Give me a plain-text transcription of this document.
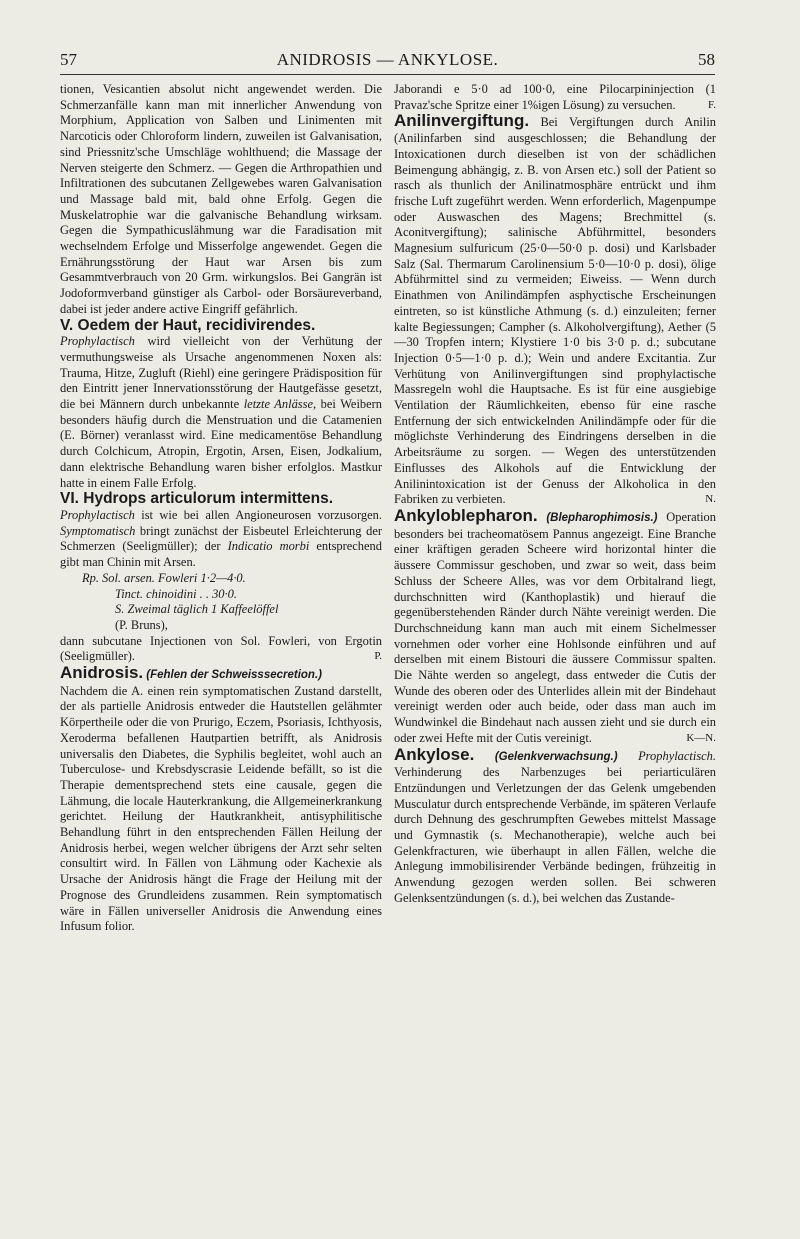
57	ANIDROSIS — ANKYLOSE.	58

tionen, Vesicantien absolut nicht angewendet werden. Die Schmerzanfälle kann man mit innerlicher Anwendung von Morphium, Application von Salben und Linimenten mit Narcoticis oder Chloroform lindern, zuweilen ist Galvanisation, sind Priessnitz'sche Umschläge wohlthuend; die Massage der Nerven steigerte den Schmerz. — Gegen die Arthropathien und Infiltrationen des subcutanen Zellgewebes waren Galvanisation und Massage bald mit, bald ohne Erfolg. Gegen die Muskelatrophie war die galvanische Behandlung wirksam. Gegen die Sympathicuslähmung war die Faradisation mit wechselndem Erfolge und Misserfolge angewendet. Gegen die Ernährungsstörung der Haut war Arsen bis zum Gesammtverbrauch von 20 Grm. wirkungslos. Bei Gangrän ist Jodoformverband günstiger als Carbol- oder Borsäureverband, dabei ist jeder andere active Eingriff gefährlich.

V. Oedem der Haut, recidivirendes.

Prophylactisch wird vielleicht von der Verhütung der vermuthungsweise als Ursache angenommenen Noxen als: Trauma, Hitze, Zugluft (Riehl) eine geringere Prädisposition für den Eintritt jener Innervationsstörung der Hautgefässe gesetzt, die bei Männern durch unbekannte letzte Anlässe, bei Weibern besonders häufig durch die Menstruation und die Catamenien (E. Börner) veranlasst wird. Eine medicamentöse Behandlung durch Colchicum, Atropin, Ergotin, Arsen, Eisen, Jodkalium, dann elektrische Behandlung waren bisher erfolglos. Mastkur hatte in einem Falle Erfolg.

VI. Hydrops articulorum intermittens.

Prophylactisch ist wie bei allen Angioneurosen vorzusorgen. Symptomatisch bringt zunächst der Eisbeutel Erleichterung der Schmerzen (Seeligmüller); der Indicatio morbi entsprechend gibt man Chinin mit Arsen.

Rp. Sol. arsen. Fowleri 1·2—4·0.

Tinct. chinoidini . . 30·0.

S. Zweimal täglich 1 Kaffeelöffel

(P. Bruns),

dann subcutane Injectionen von Sol. Fowleri, von Ergotin (Seeligmüller).	P.

Anidrosis. (Fehlen der Schweisssecretion.)

Nachdem die A. einen rein symptomatischen Zustand darstellt, der als partielle Anidrosis entweder die Hautstellen gelähmter Körpertheile oder die von Prurigo, Eczem, Psoriasis, Ichthyosis, Xeroderma befallenen Hautpartien betrifft, als Anidrosis universalis den Diabetes, die Syphilis begleitet, wohl auch an Tuberculose- und Krebsdyscrasie Leidende befällt, so ist die Therapie dementsprechend stets eine causale, gegen die Lähmung, die locale Hauterkrankung, die Allgemeinerkrankung gerichtet. Heilung der Hautkrankheit, antisyphilitische Behandlung führt in den entsprechenden Fällen Heilung der Anidrosis herbei, wegen welcher übrigens der Arzt sehr selten consultirt wird. In Fällen von Lähmung oder Kachexie als Ursache der Anidrosis hängt die Frage der Heilung mit der Prognose des Grundleidens zusammen. Rein symptomatisch wäre in Fällen universeller Anidrosis die Anwendung eines Infusum folior.

Jaborandi e 5·0 ad 100·0, eine Pilocarpininjection (1 Pravaz'sche Spritze einer 1%igen Lösung) zu versuchen.	F.

Anilinvergiftung. Bei Vergiftungen durch Anilin (Anilinfarben sind ausgeschlossen; die Behandlung der Intoxicationen durch dieselben ist von der schädlichen Beimengung abhängig, z. B. von Arsen etc.) soll der Patient so rasch als thunlich der Anilinatmosphäre entrückt und ihm frische Luft zugeführt werden. Wenn erforderlich, Magenpumpe oder Auswaschen des Magens; Brechmittel (s. Aconitvergiftung); salinische Abführmittel, besonders Magnesium sulfuricum (25·0—50·0 p. dosi) und Karlsbader Salz (Sal. Thermarum Carolinensium 5·0—10·0 p. dosi), ölige Abführmittel sind zu vermeiden; Eiweiss. — Wenn durch Einathmen von Anilindämpfen asphyctische Erscheinungen eintreten, so ist künstliche Athmung (s. d.) einzuleiten; ferner kalte Begiessungen; Campher (s. Alkoholvergiftung), Aether (5—30 Tropfen intern; Klystiere 1·0 bis 3·0 p. d.; subcutane Injection 0·5—1·0 p. d.); Wein und andere Excitantia. Zur Verhütung von Anilinvergiftungen sind prophylactische Massregeln wohl die Hauptsache. Es ist für eine ausgiebige Ventilation der Räumlichkeiten, ebenso für eine rasche Entfernung der sich entwickelnden Anilindämpfe oder für die möglichste Verhinderung des Eindringens derselben in die Arbeitsräume zu sorgen. — Wegen des unterstützenden Einflusses des Alkohols auf die Entwicklung der Anilinintoxication ist der Genuss der Alkoholica in den Fabriken zu verbieten.	N.

Ankyloblepharon. (Blepharophimosis.) Operation besonders bei tracheomatösem Pannus angezeigt. Eine Branche einer kräftigen geraden Scheere wird horizontal hinter die äussere Commissur geschoben, und zwar so weit, dass beim Schluss der Scheere Alles, was vor dem Orbitalrand liegt, durchschnitten wird (Kanthoplastik) und hierauf die gegenüberstehenden Ränder durch Nähte vereinigt werden. Die Durchschneidung kann man auch mit einem Sichelmesser vornehmen oder vorher eine Hohlsonde einführen und auf derselben mit einem Bistouri die äussere Commissur spalten. Die Nähte werden so angelegt, dass entweder die Cutis der Wunde des oberen oder des Unterlides allein mit der Bindehaut vereinigt werden oder auch beide, oder dass man auch im Wundwinkel die Bindehaut nach aussen zieht und sie durch ein oder zwei Hefte mit der Cutis vereinigt.	K—N.

Ankylose. (Gelenkverwachsung.) Prophylactisch. Verhinderung des Narbenzuges bei periarticulären Entzündungen und Verletzungen der das Gelenk umgebenden Musculatur durch entsprechende Verbände, im späteren Verlaufe durch Dehnung des geschrumpften Gewebes mittelst Massage und Gymnastik (s. Mechanotherapie), welche auch bei Gelenkfracturen, wie überhaupt in allen Fällen, welche die Anlegung immobilisirender Verbände bedingen, frühzeitig in Anwendung gezogen werden sollen. Bei schweren Gelenksentzündungen (s. d.), bei welchen das Zustande-
